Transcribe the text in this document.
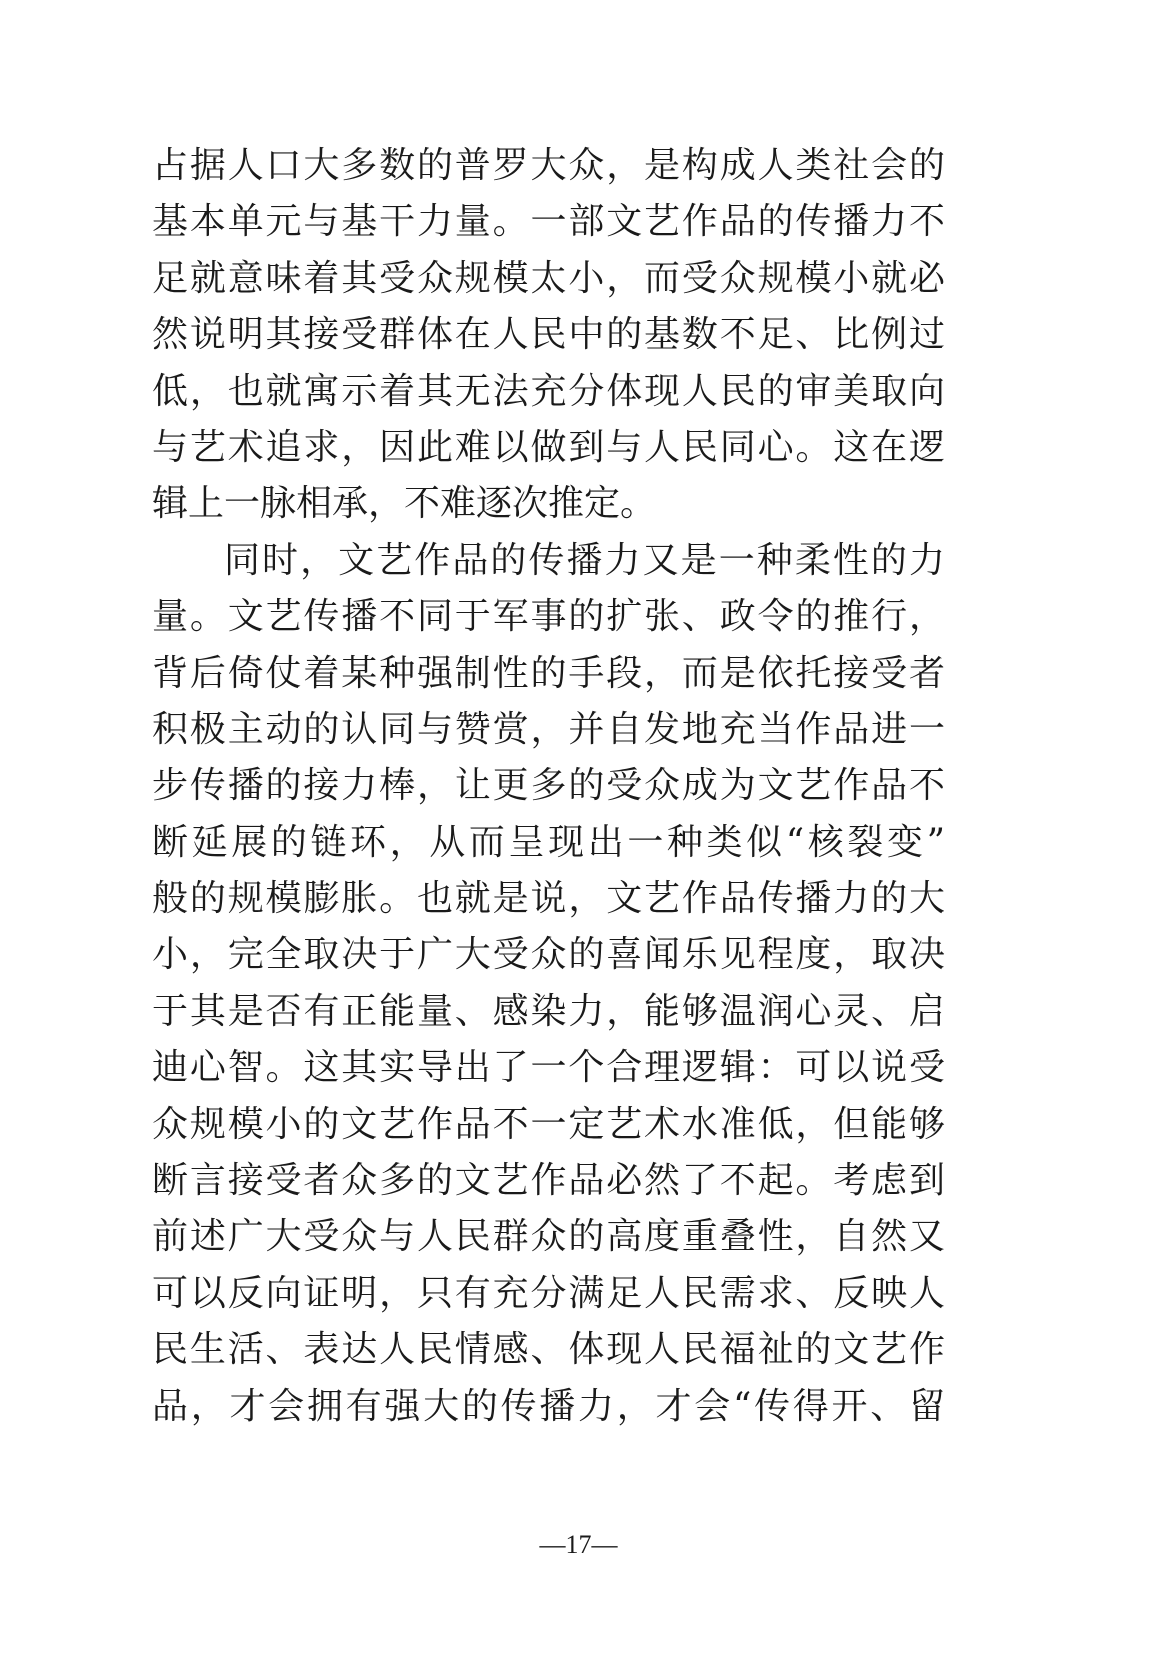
占据人口大多数的普罗大众，是构成人类社会的
基本单元与基干力量。一部文艺作品的传播力不
足就意味着其受众规模太小，而受众规模小就必
然说明其接受群体在人民中的基数不足、比例过
低，也就寓示着其无法充分体现人民的审美取向
与艺术追求，因此难以做到与人民同心。这在逻
辑上一脉相承，不难逐次推定。
同时，文艺作品的传播力又是一种柔性的力
量。文艺传播不同于军事的扩张、政令的推行，
背后倚仗着某种强制性的手段，而是依托接受者
积极主动的认同与赞赏，并自发地充当作品进一
步传播的接力棒，让更多的受众成为文艺作品不
断延展的链环，从而呈现出一种类似“核裂变”
般的规模膨胀。也就是说，文艺作品传播力的大
小，完全取决于广大受众的喜闻乐见程度，取决
于其是否有正能量、感染力，能够温润心灵、启
迪心智。这其实导出了一个合理逻辑：可以说受
众规模小的文艺作品不一定艺术水准低，但能够
断言接受者众多的文艺作品必然了不起。考虑到
前述广大受众与人民群众的高度重叠性，自然又
可以反向证明，只有充分满足人民需求、反映人
民生活、表达人民情感、体现人民福祉的文艺作
品，才会拥有强大的传播力，才会“传得开、留
—17—
